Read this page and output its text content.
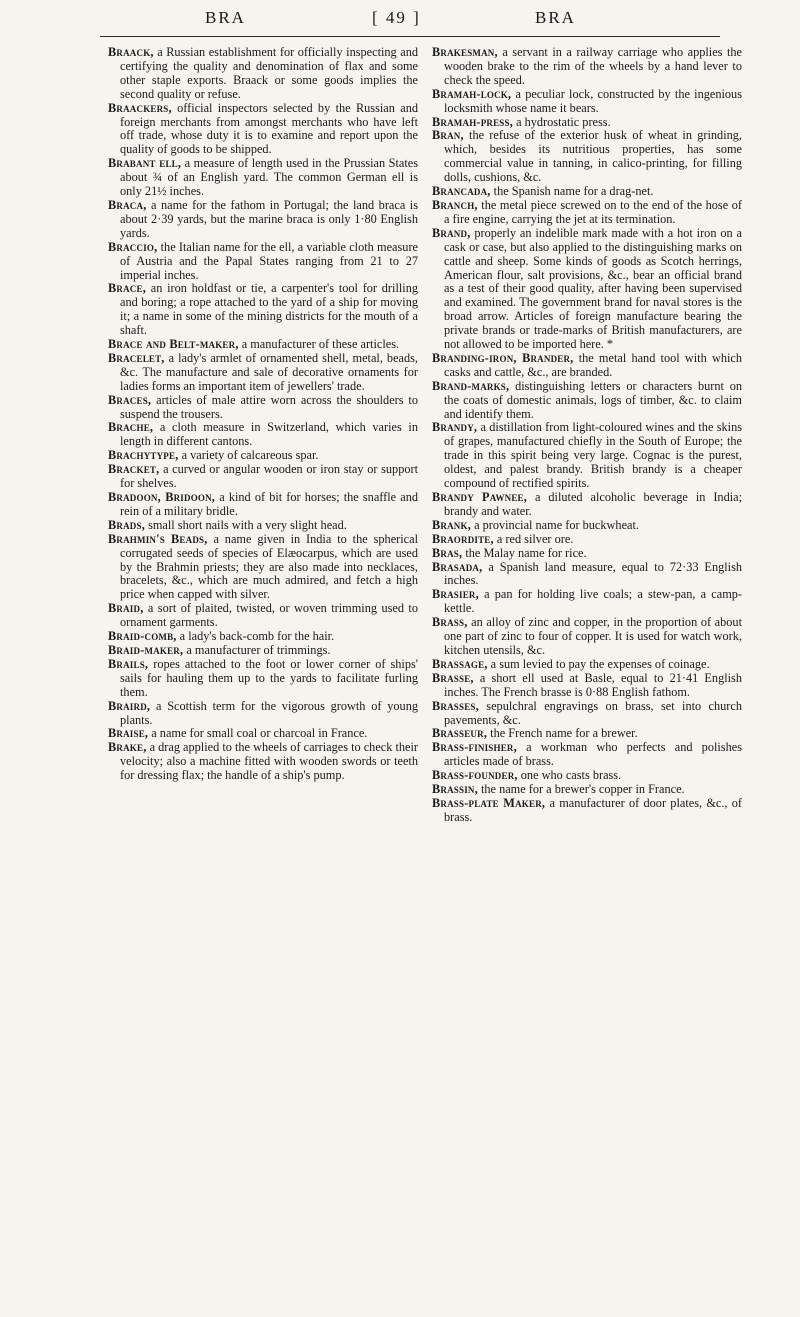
BRA	[ 49 ]	BRA

Braack, a Russian establishment for officially inspecting and certifying the quality and denomination of flax and some other staple exports. Braack or some goods implies the second quality or refuse.

Braackers, official inspectors selected by the Russian and foreign merchants from amongst merchants who have left off trade, whose duty it is to examine and report upon the quality of goods to be shipped.

Brabant ell, a measure of length used in the Prussian States about ¾ of an English yard. The common German ell is only 21½ inches.

Braca, a name for the fathom in Portugal; the land braca is about 2·39 yards, but the marine braca is only 1·80 English yards.

Braccio, the Italian name for the ell, a variable cloth measure of Austria and the Papal States ranging from 21 to 27 imperial inches.

Brace, an iron holdfast or tie, a carpenter's tool for drilling and boring; a rope attached to the yard of a ship for moving it; a name in some of the mining districts for the mouth of a shaft.

Brace and Belt-maker, a manufacturer of these articles.

Bracelet, a lady's armlet of ornamented shell, metal, beads, &c. The manufacture and sale of decorative ornaments for ladies forms an important item of jewellers' trade.

Braces, articles of male attire worn across the shoulders to suspend the trousers.

Brache, a cloth measure in Switzerland, which varies in length in different cantons.

Brachytype, a variety of calcareous spar.

Bracket, a curved or angular wooden or iron stay or support for shelves.

Bradoon, Bridoon, a kind of bit for horses; the snaffle and rein of a military bridle.

Brads, small short nails with a very slight head.

Brahmin's Beads, a name given in India to the spherical corrugated seeds of species of Elæocarpus, which are used by the Brahmin priests; they are also made into necklaces, bracelets, &c., which are much admired, and fetch a high price when capped with silver.

Braid, a sort of plaited, twisted, or woven trimming used to ornament garments.

Braid-comb, a lady's back-comb for the hair.

Braid-maker, a manufacturer of trimmings.

Brails, ropes attached to the foot or lower corner of ships' sails for hauling them up to the yards to facilitate furling them.

Braird, a Scottish term for the vigorous growth of young plants.

Braise, a name for small coal or charcoal in France.

Brake, a drag applied to the wheels of carriages to check their velocity; also a machine fitted with wooden swords or teeth for dressing flax; the handle of a ship's pump.

Brakesman, a servant in a railway carriage who applies the wooden brake to the rim of the wheels by a hand lever to check the speed.

Bramah-lock, a peculiar lock, constructed by the ingenious locksmith whose name it bears.

Bramah-press, a hydrostatic press.

Bran, the refuse of the exterior husk of wheat in grinding, which, besides its nutritious properties, has some commercial value in tanning, in calico-printing, for filling dolls, cushions, &c.

Brancada, the Spanish name for a drag-net.

Branch, the metal piece screwed on to the end of the hose of a fire engine, carrying the jet at its termination.

Brand, properly an indelible mark made with a hot iron on a cask or case, but also applied to the distinguishing marks on cattle and sheep. Some kinds of goods as Scotch herrings, American flour, salt provisions, &c., bear an official brand as a test of their good quality, after having been supervised and examined. The government brand for naval stores is the broad arrow. Articles of foreign manufacture bearing the private brands or trade-marks of British manufacturers, are not allowed to be imported here. *

Branding-iron, Brander, the metal hand tool with which casks and cattle, &c., are branded.

Brand-marks, distinguishing letters or characters burnt on the coats of domestic animals, logs of timber, &c. to claim and identify them.

Brandy, a distillation from light-coloured wines and the skins of grapes, manufactured chiefly in the South of Europe; the trade in this spirit being very large. Cognac is the purest, oldest, and palest brandy. British brandy is a cheaper compound of rectified spirits.

Brandy Pawnee, a diluted alcoholic beverage in India; brandy and water.

Brank, a provincial name for buckwheat.

Braordite, a red silver ore.

Bras, the Malay name for rice.

Brasada, a Spanish land measure, equal to 72·33 English inches.

Brasier, a pan for holding live coals; a stew-pan, a camp-kettle.

Brass, an alloy of zinc and copper, in the proportion of about one part of zinc to four of copper. It is used for watch work, kitchen utensils, &c.

Brassage, a sum levied to pay the expenses of coinage.

Brasse, a short ell used at Basle, equal to 21·41 English inches. The French brasse is 0·88 English fathom.

Brasses, sepulchral engravings on brass, set into church pavements, &c.

Brasseur, the French name for a brewer.

Brass-finisher, a workman who perfects and polishes articles made of brass.

Brass-founder, one who casts brass.

Brassin, the name for a brewer's copper in France.

Brass-plate Maker, a manufacturer of door plates, &c., of brass.
